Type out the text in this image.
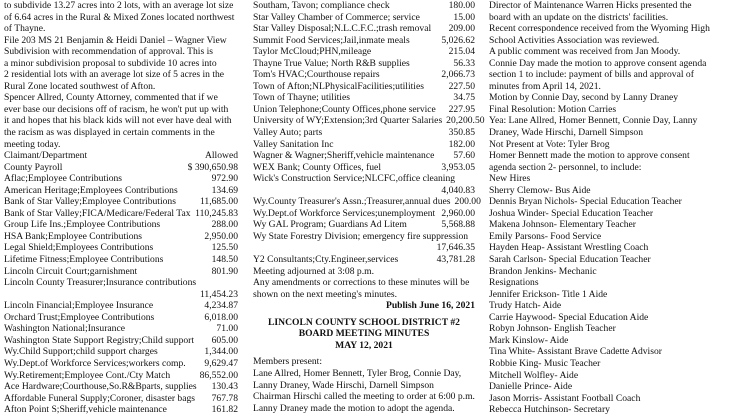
to subdivide 13.27 acres into 2 lots, with an average lot size
of 6.64 acres in the Rural & Mixed Zones located northwest
of Thayne.
File 203 MS 21 Benjamin & Heidi Daniel – Wagner View
Subdivision with recommendation of approval. This is
a minor subdivision proposal to subdivide 10 acres into
2 residential lots with an average lot size of 5 acres in the
Rural Zone located southwest of Afton.
Spencer Allred, County Attorney, commented that if we
ever base our decisions off of racism, he won't put up with
it and hopes that his black kids will not ever have deal with
the racism as was displayed in certain comments in the
meeting today.
Claimant/Department	Allowed
County Payroll	$ 390,650.98
Aflac;Employee Contributions	972.90
American Heritage;Employees Contributions	134.69
Bank of Star Valley;Employee Contributions	11,685.00
Bank of Star Valley;FICA/Medicare/Federal Tax 110,245.83
Group Life Ins.;Employee Contributions	288.00
HSA Bank;Employee Contributions	2,950.00
Legal Shield;Employees Contributions	125.50
Lifetime Fitness;Employee Contributions	148.50
Lincoln Circuit Court;garnishment	801.90
Lincoln County Treasurer;Insurance contributions
11,454.23
Lincoln Financial;Employee Insurance	4,234.87
Orchard Trust;Employee Contributions	6,018.00
Washington National;Insurance	71.00
Washington State Support Registry;Child support	605.00
Wy.Child Support;child support charges	1,344.00
Wy.Dept.of Workforce Services;workers comp.	9,629.47
Wy.Retirement;Employee Cont./Cty Match	86,552.00
Ace Hardware;Courthouse,So.R&Bparts, supplies	130.43
Affordable Funeral Supply;Coroner, disaster bags	767.78
Afton Point S;Sheriff,vehicle maintenance	161.82
Southam, Tavon; compliance check	180.00
Star Valley Chamber of Commerce; service	15.00
Star Valley Disposal;N.L.C.F.C.;trash removal	209.00
Summit Food Services;Jail,inmate meals	5,026.62
Taylor McCloud;PHN,mileage	215.04
Thayne True Value; North R&B supplies	56.33
Tom's HVAC;Courthouse repairs	2,066.73
Town of Afton;NLPhysicalFacilities;utilities	227.50
Town of Thayne; utilities	34.75
Union Telephone;County Offices,phone service	227.95
University of WY;Extension;3rd Quarter Salaries 20,200.50
Valley Auto; parts	350.85
Valley Sanitation Inc	182.00
Wagner & Wagner;Sheriff,vehicle maintenance	57.60
WEX Bank; County Offices, fuel	3,953.05
Wick's Construction Service;NLCFC,office cleaning
4,040.83
Wy.County Treasurer's Assn.;Treasurer,annual dues 200.00
Wy.Dept.of Workforce Services;unemployment 2,960.00
Wy GAL Program; Guardians Ad Litem	5,568.88
Wy State Forestry Division; emergency fire suppression
17,646.35
Y2 Consultants;Cty.Engineer,services	43,781.28
Meeting adjourned at 3:08 p.m.
Any amendments or corrections to these minutes will be
shown on the next meeting's minutes.
Publish June 16, 2021
LINCOLN COUNTY SCHOOL DISTRICT #2
BOARD MEETING MINUTES
MAY 12, 2021
Members present:
Lane Allred, Homer Bennett, Tyler Brog, Connie Day,
Lanny Draney, Wade Hirschi, Darnell Simpson
Chairman Hirschi called the meeting to order at 6:00 p.m.
Lanny Draney made the motion to adopt the agenda.
Director of Maintenance Warren Hicks presented the
board with an update on the districts' facilities.
Recent correspondence received from the Wyoming High
School Activities Association was reviewed.
A public comment was received from Jan Moody.
Connie Day made the motion to approve consent agenda
section 1 to include: payment of bills and approval of
minutes from April 14, 2021.
Motion by Connie Day, second by Lanny Draney
Final Resolution: Motion Carries
Yea: Lane Allred, Homer Bennett, Connie Day, Lanny
Draney, Wade Hirschi, Darnell Simpson
Not Present at Vote: Tyler Brog
Homer Bennett made the motion to approve consent
agenda section 2- personnel, to include:
New Hires
Sherry Clemow- Bus Aide
Dennis Bryan Nichols- Special Education Teacher
Joshua Winder- Special Education Teacher
Makena Johnson- Elementary Teacher
Emily Parsons- Food Service
Hayden Heap- Assistant Wrestling Coach
Sarah Carlson- Special Education Teacher
Brandon Jenkins- Mechanic
Resignations
Jennifer Erickson- Title 1 Aide
Trudy Hatch- Aide
Carrie Haywood- Special Education Aide
Robyn Johnson- English Teacher
Mark Kinslow- Aide
Tina White- Assistant Brave Cadette Advisor
Robbie King- Music Teacher
Mitchell Wolfley- Aide
Danielle Prince- Aide
Jason Morris- Assistant Football Coach
Rebecca Hutchinson- Secretary
